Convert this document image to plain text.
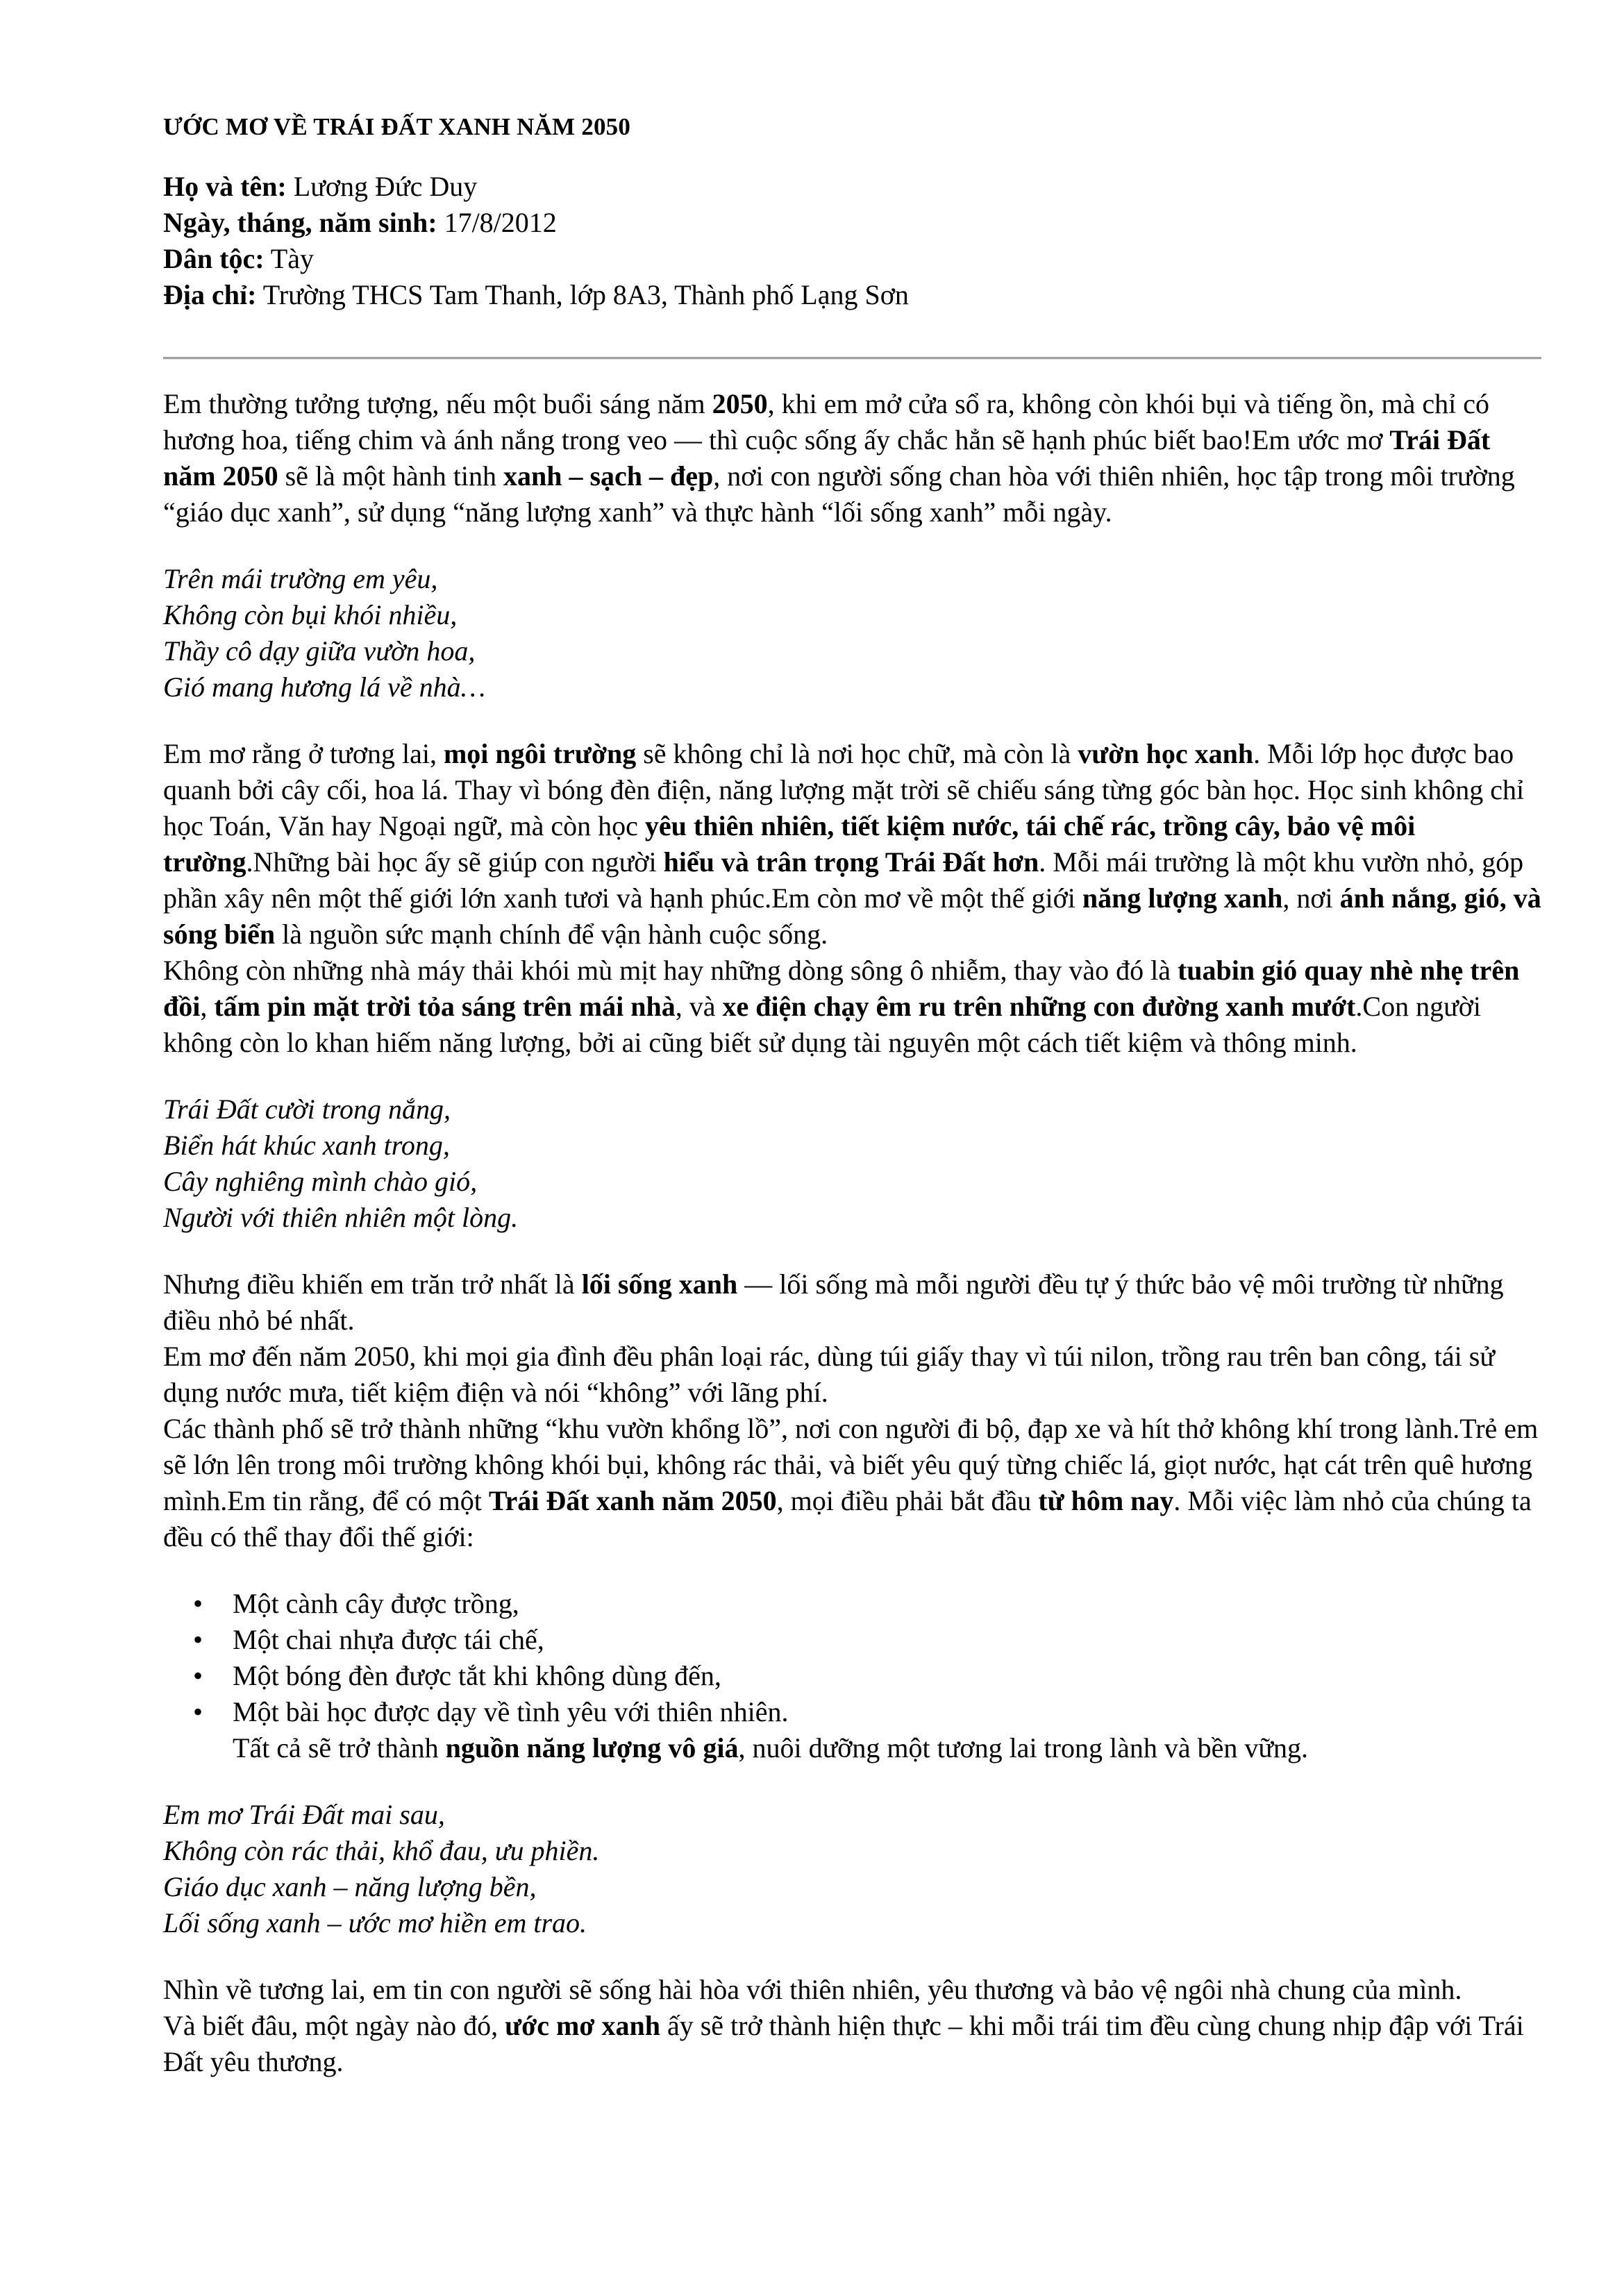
ƯỚC MƠ VỀ TRÁI ĐẤT XANH NĂM 2050
Họ và tên: Lương Đức Duy
Ngày, tháng, năm sinh: 17/8/2012
Dân tộc: Tày
Địa chỉ: Trường THCS Tam Thanh, lớp 8A3, Thành phố Lạng Sơn

Em thường tưởng tượng, nếu một buổi sáng năm 2050, khi em mở cửa sổ ra, không còn khói bụi và tiếng ồn, mà chỉ có hương hoa, tiếng chim và ánh nắng trong veo — thì cuộc sống ấy chắc hẳn sẽ hạnh phúc biết bao!Em ước mơ Trái Đất năm 2050 sẽ là một hành tinh xanh – sạch – đẹp, nơi con người sống chan hòa với thiên nhiên, học tập trong môi trường “giáo dục xanh”, sử dụng “năng lượng xanh” và thực hành “lối sống xanh” mỗi ngày.

Trên mái trường em yêu,
Không còn bụi khói nhiều,
Thầy cô dạy giữa vườn hoa,
Gió mang hương lá về nhà…

Em mơ rằng ở tương lai, mọi ngôi trường sẽ không chỉ là nơi học chữ, mà còn là vườn học xanh. Mỗi lớp học được bao quanh bởi cây cối, hoa lá. Thay vì bóng đèn điện, năng lượng mặt trời sẽ chiếu sáng từng góc bàn học. Học sinh không chỉ học Toán, Văn hay Ngoại ngữ, mà còn học yêu thiên nhiên, tiết kiệm nước, tái chế rác, trồng cây, bảo vệ môi trường.Những bài học ấy sẽ giúp con người hiểu và trân trọng Trái Đất hơn. Mỗi mái trường là một khu vườn nhỏ, góp phần xây nên một thế giới lớn xanh tươi và hạnh phúc.Em còn mơ về một thế giới năng lượng xanh, nơi ánh nắng, gió, và sóng biển là nguồn sức mạnh chính để vận hành cuộc sống.

Không còn những nhà máy thải khói mù mịt hay những dòng sông ô nhiễm, thay vào đó là tuabin gió quay nhè nhẹ trên đồi, tấm pin mặt trời tỏa sáng trên mái nhà, và xe điện chạy êm ru trên những con đường xanh mướt.Con người không còn lo khan hiếm năng lượng, bởi ai cũng biết sử dụng tài nguyên một cách tiết kiệm và thông minh.

Trái Đất cười trong nắng,
Biển hát khúc xanh trong,
Cây nghiêng mình chào gió,
Người với thiên nhiên một lòng.

Nhưng điều khiến em trăn trở nhất là lối sống xanh — lối sống mà mỗi người đều tự ý thức bảo vệ môi trường từ những điều nhỏ bé nhất.

Em mơ đến năm 2050, khi mọi gia đình đều phân loại rác, dùng túi giấy thay vì túi nilon, trồng rau trên ban công, tái sử dụng nước mưa, tiết kiệm điện và nói “không” với lãng phí.

Các thành phố sẽ trở thành những “khu vườn khổng lồ”, nơi con người đi bộ, đạp xe và hít thở không khí trong lành.Trẻ em sẽ lớn lên trong môi trường không khói bụi, không rác thải, và biết yêu quý từng chiếc lá, giọt nước, hạt cát trên quê hương mình.Em tin rằng, để có một Trái Đất xanh năm 2050, mọi điều phải bắt đầu từ hôm nay. Mỗi việc làm nhỏ của chúng ta đều có thể thay đổi thế giới:

• Một cành cây được trồng,
• Một chai nhựa được tái chế,
• Một bóng đèn được tắt khi không dùng đến,
• Một bài học được dạy về tình yêu với thiên nhiên.
Tất cả sẽ trở thành nguồn năng lượng vô giá, nuôi dưỡng một tương lai trong lành và bền vững.
Em mơ Trái Đất mai sau,
Không còn rác thải, khổ đau, ưu phiền.
Giáo dục xanh – năng lượng bền,
Lối sống xanh – ước mơ hiền em trao.

Nhìn về tương lai, em tin con người sẽ sống hài hòa với thiên nhiên, yêu thương và bảo vệ ngôi nhà chung của mình.

Và biết đâu, một ngày nào đó, ước mơ xanh ấy sẽ trở thành hiện thực – khi mỗi trái tim đều cùng chung nhịp đập với Trái Đất yêu thương.
